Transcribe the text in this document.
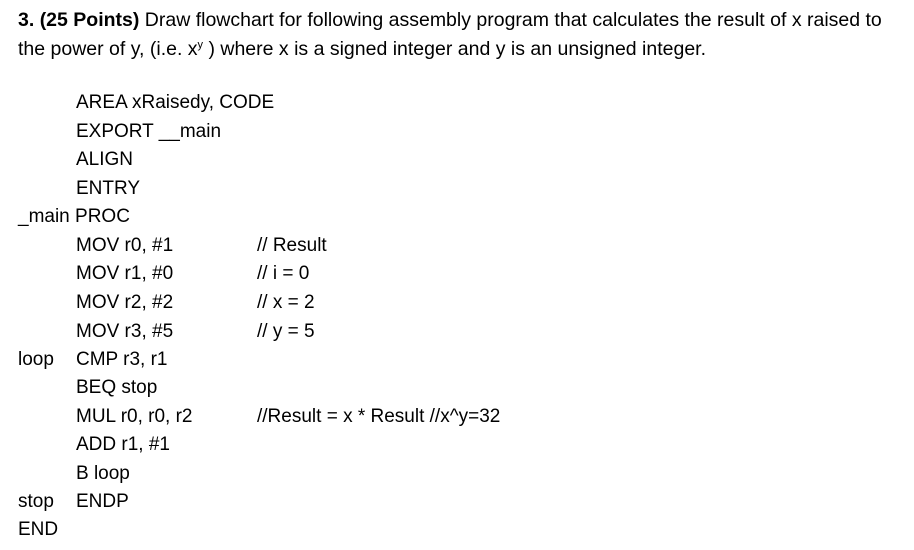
3. (25 Points) Draw flowchart for following assembly program that calculates the result of x raised to the power of y, (i.e. $x^y$ ) where x is a signed integer and y is an unsigned integer.
AREA xRaisedy, CODE
EXPORT __main
ALIGN
ENTRY
_main PROC
MOV r0, #1	// Result
MOV r1, #0	// i = 0
MOV r2, #2	// x = 2
MOV r3, #5	// y = 5
loop CMP r3, r1
BEQ stop
MUL r0, r0, r2	//Result = x * Result //x^y=32
ADD r1, #1
B loop
stop ENDP
END
